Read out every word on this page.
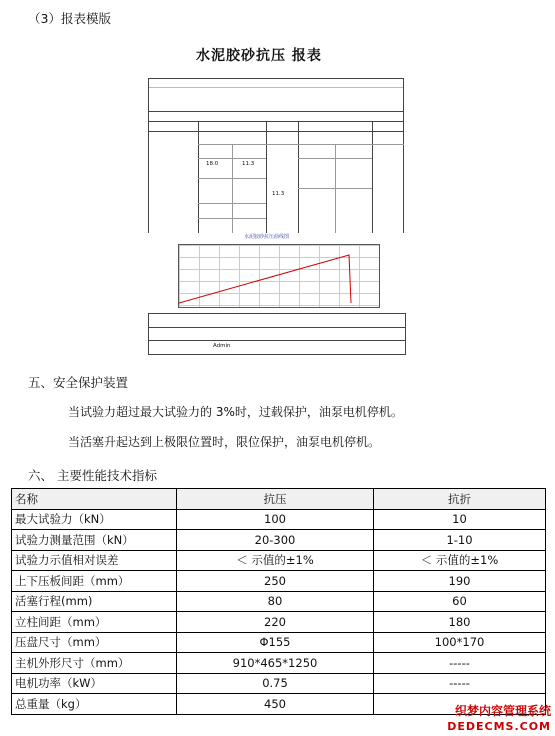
（3）报表模版
水泥胶砂抗压 报表
18.0	11.3
11.3
水泥胶砂抗压曲线图
Admin
五、安全保护装置
当试验力超过最大试验力的 3%时，过载保护，油泵电机停机。
当活塞升起达到上极限位置时，限位保护，油泵电机停机。
六、 主要性能技术指标
名称	抗压	抗折
最大试验力（kN）	100	10
试验力测量范围（kN）	20-300	1-10
试验力示值相对误差	＜ 示值的±1%	＜ 示值的±1%
上下压板间距（mm）	250	190
活塞行程(mm)	80	60
立柱间距（mm）	220	180
压盘尺寸（mm）	Φ155	100*170
主机外形尺寸（mm）	910*465*1250	-----
电机功率（kW）	0.75	-----
总重量（kg）	450	
织梦内容管理系统
DEDECMS.COM
